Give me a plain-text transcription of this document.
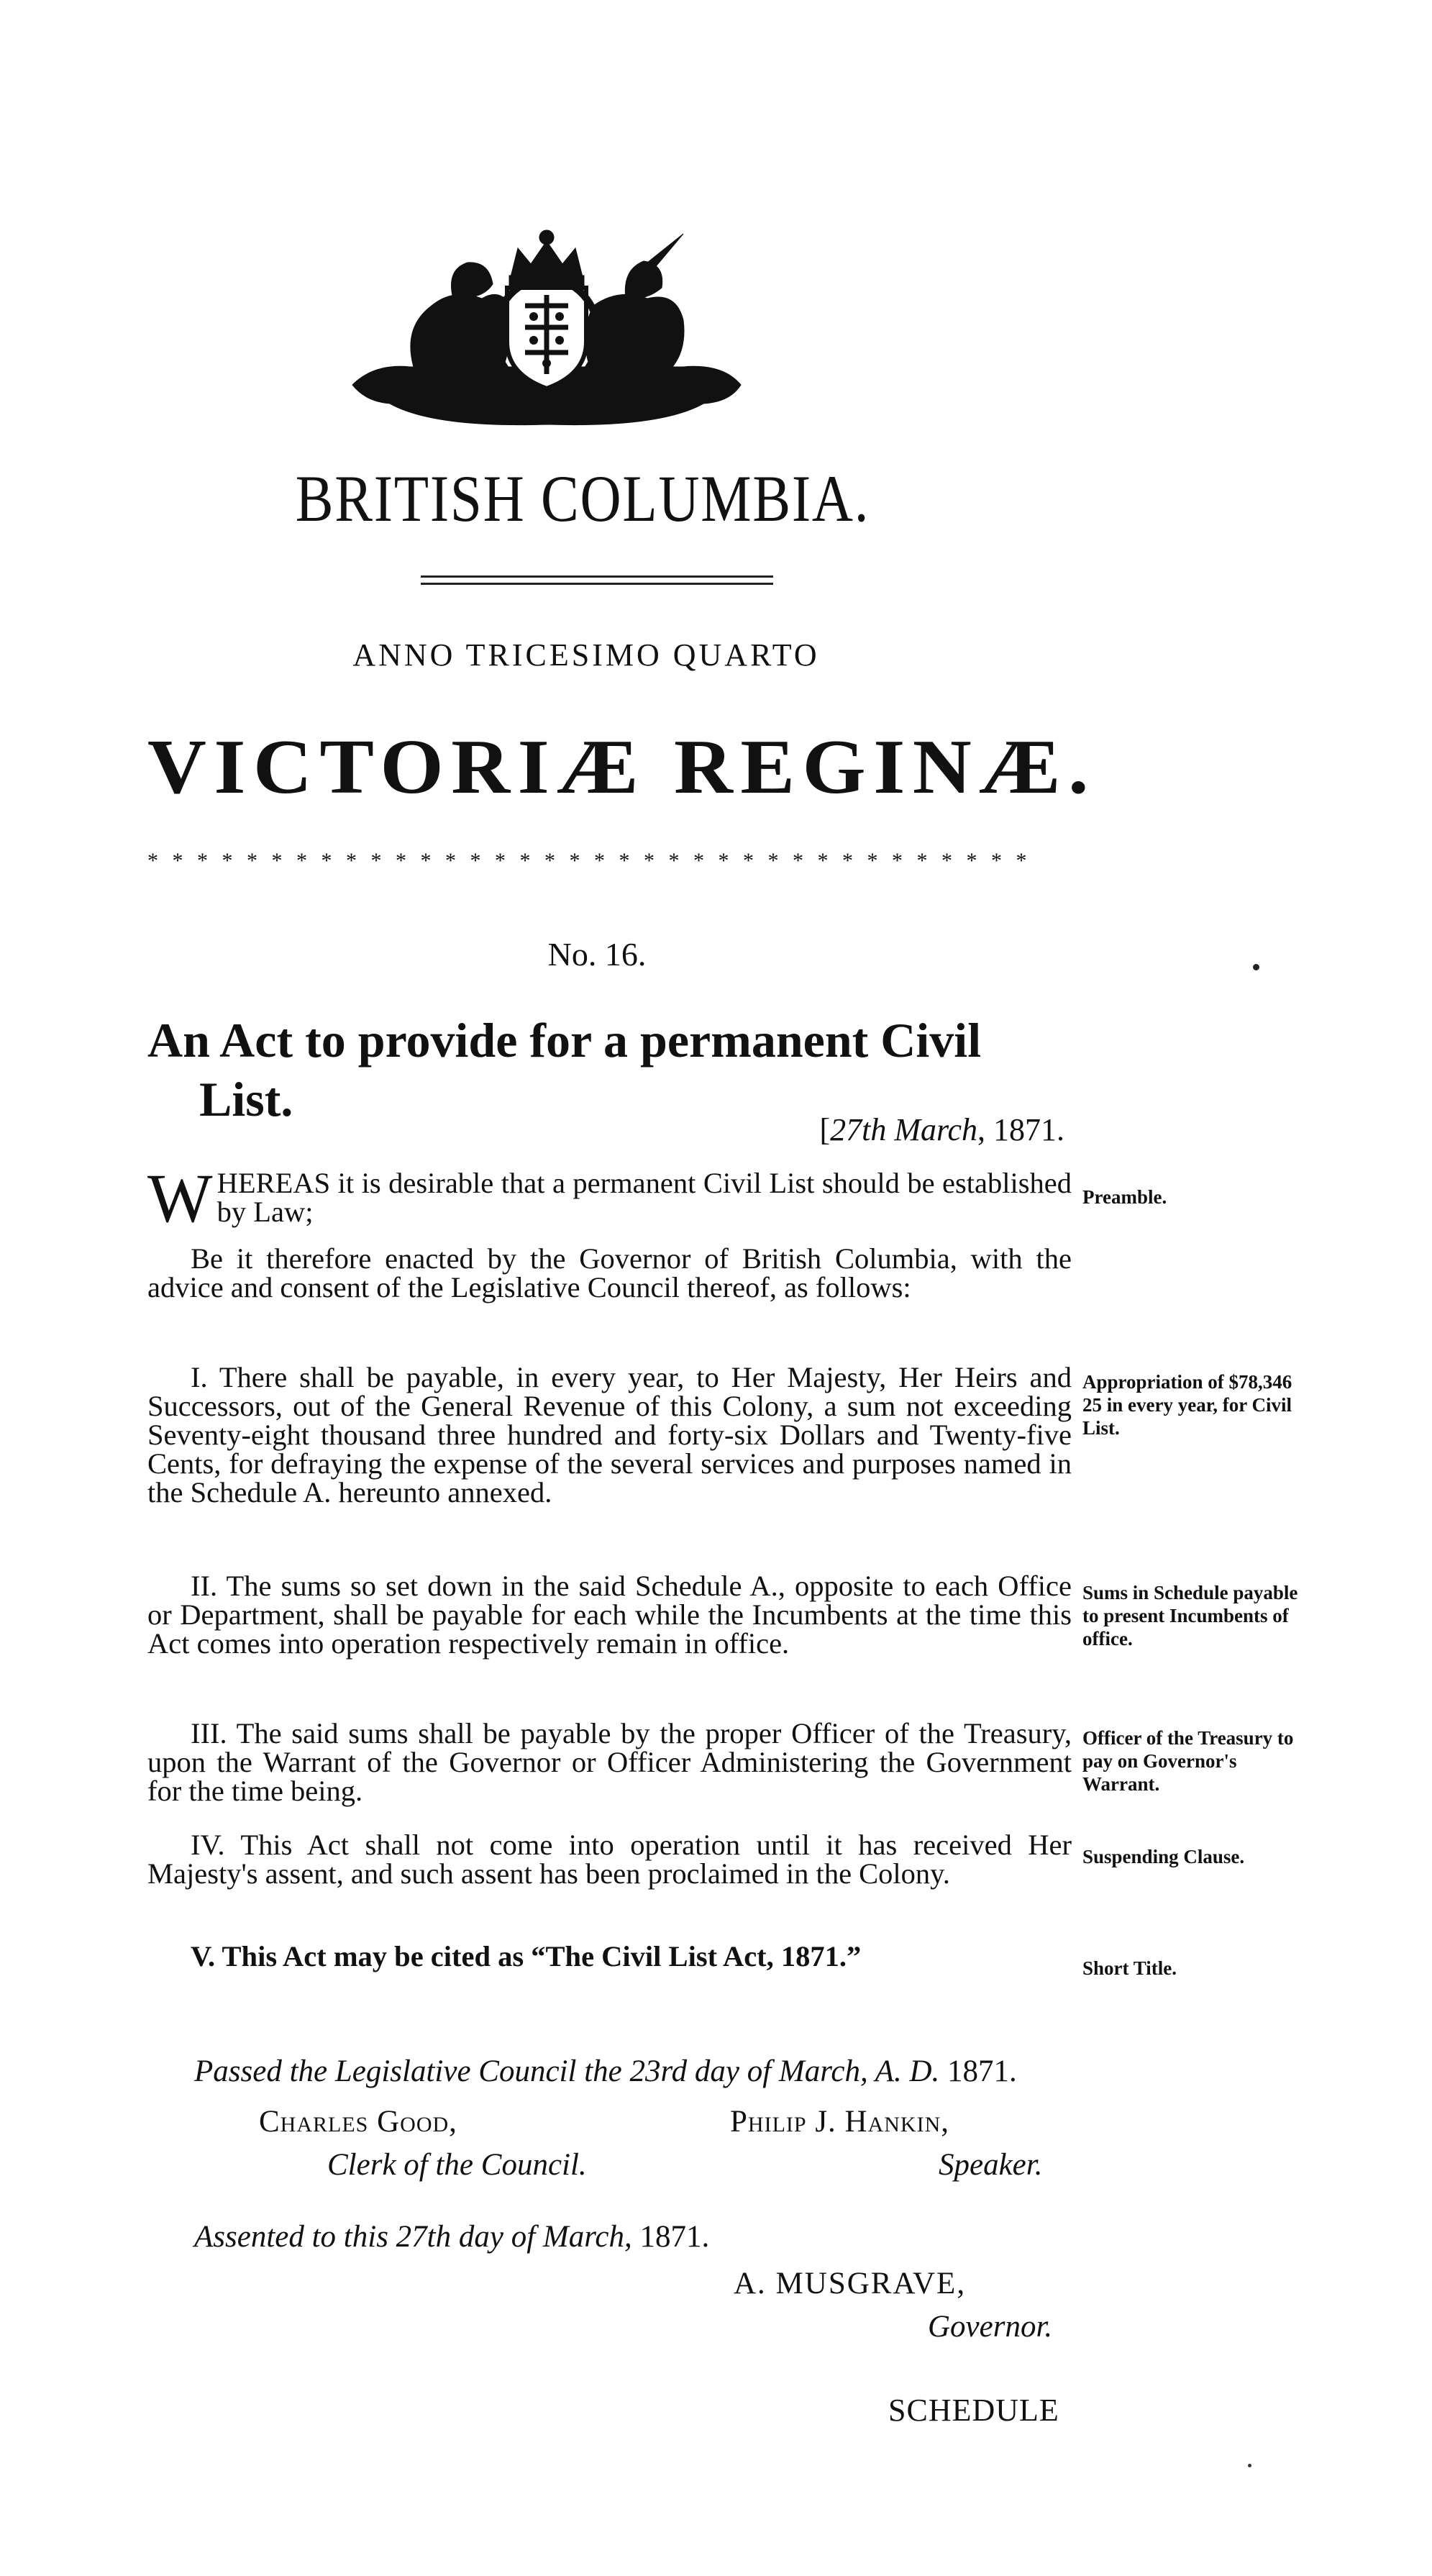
BRITISH COLUMBIA.
ANNO TRICESIMO QUARTO
VICTORIÆ REGINÆ.
* * * * * * * * * * * * * * * * * * * * * * * * * * * * * * * * * * * *
No. 16.
An Act to provide for a permanent Civil
List.
[27th March, 1871.

WHEREAS it is desirable that a permanent Civil List should be established by Law;

Be it therefore enacted by the Governor of British Columbia, with the advice and consent of the Legislative Council thereof, as follows:

I. There shall be payable, in every year, to Her Majesty, Her Heirs and Successors, out of the General Revenue of this Colony, a sum not exceeding Seventy-eight thousand three hundred and forty-six Dollars and Twenty-five Cents, for defraying the expense of the several services and purposes named in the Schedule A. hereunto annexed.

II. The sums so set down in the said Schedule A., opposite to each Office or Department, shall be payable for each while the Incumbents at the time this Act comes into operation respectively remain in office.

III. The said sums shall be payable by the proper Officer of the Treasury, upon the Warrant of the Governor or Officer Administering the Government for the time being.

IV. This Act shall not come into operation until it has received Her Majesty's assent, and such assent has been proclaimed in the Colony.

V. This Act may be cited as “The Civil List Act, 1871.”

Preamble.
Appropriation of $78,346 25 in every year, for Civil List.
Sums in Schedule payable to present Incumbents of office.
Officer of the Treasury to pay on Governor's Warrant.
Suspending Clause.
Short Title.
Passed the Legislative Council the 23rd day of March, A. D. 1871.
Charles Good,
Clerk of the Council.
Philip J. Hankin,
Speaker.
Assented to this 27th day of March, 1871.
A. MUSGRAVE,
Governor.
SCHEDULE
